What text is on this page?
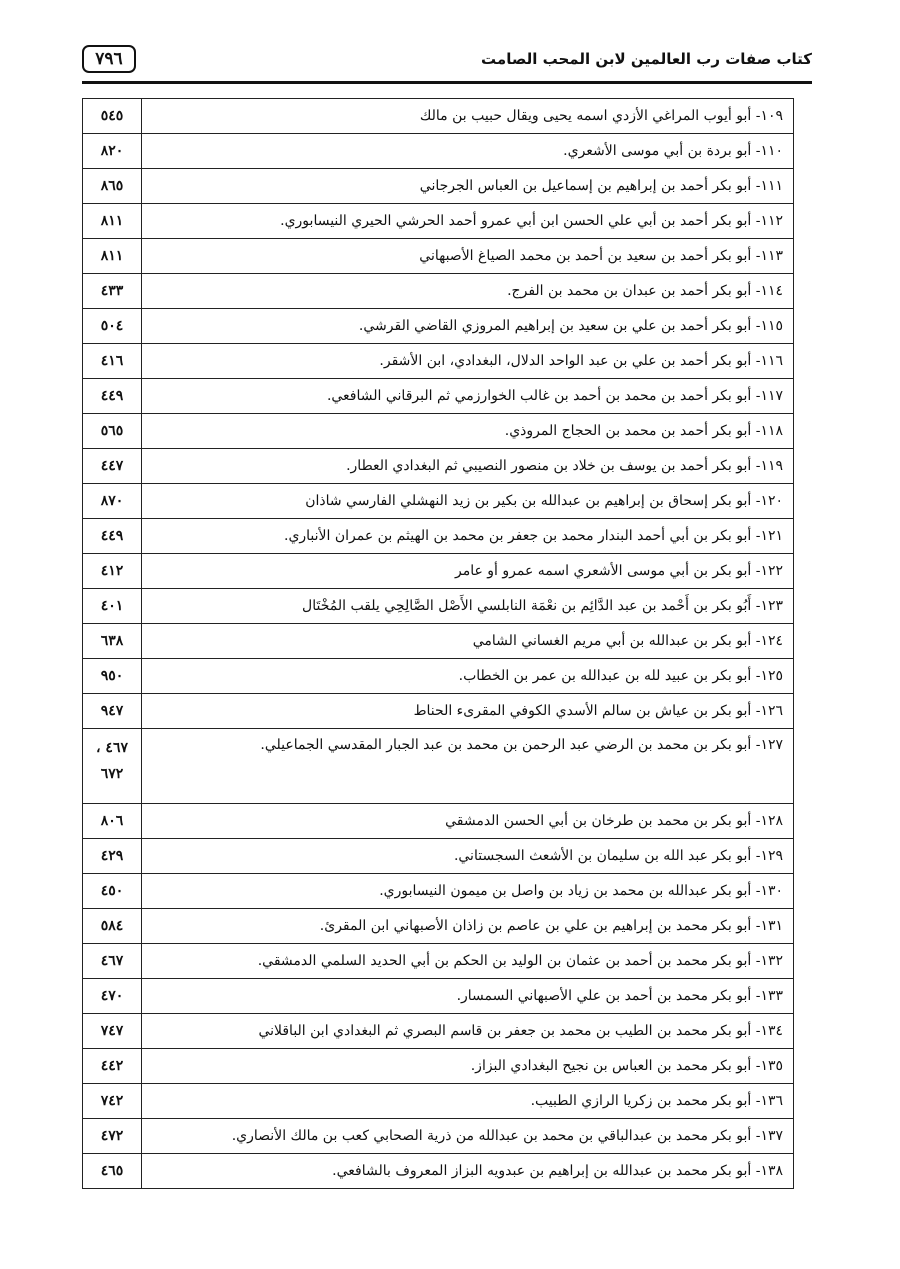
٧٩٦	كتاب صفات رب العالمين لابن المحب الصامت
١٠٩- أبو أيوب المراغي الأزدي اسمه يحيى ويقال حبيب بن مالك	٥٤٥
١١٠- أبو بردة بن أبي موسى الأشعري.	٨٢٠
١١١- أبو بكر أحمد بن إبراهيم بن إسماعيل بن العباس الجرجاني	٨٦٥
١١٢- أبو بكر أحمد بن أبي علي الحسن ابن أبي عمرو أحمد الحرشي الحيري النيسابوري.	٨١١
١١٣- أبو بكر أحمد بن سعيد بن أحمد بن محمد الصياغ الأصبهاني	٨١١
١١٤- أبو بكر أحمد بن عبدان بن محمد بن الفرج.	٤٣٣
١١٥- أبو بكر أحمد بن علي بن سعيد بن إبراهيم المروزي القاضي القرشي.	٥٠٤
١١٦- أبو بكر أحمد بن علي بن عبد الواحد الدلال، البغدادي، ابن الأشقر.	٤١٦
١١٧- أبو بكر أحمد بن محمد بن أحمد بن غالب الخوارزمي ثم البرقاني الشافعي.	٤٤٩
١١٨- أبو بكر أحمد بن محمد بن الحجاج المروذي.	٥٦٥
١١٩- أبو بكر أحمد بن يوسف بن خلاد بن منصور النصيبي ثم البغدادي العطار.	٤٤٧
١٢٠- أبو بكر إسحاق بن إبراهيم بن عبدالله بن بكير بن زيد النهشلي الفارسي شاذان	٨٧٠
١٢١- أبو بكر بن أبي أحمد البندار محمد بن جعفر بن محمد بن الهيثم بن عمران الأنباري.	٤٤٩
١٢٢- أبو بكر بن أبي موسى الأشعري اسمه عمرو أو عامر	٤١٢
١٢٣- أَبُو بكر بن أَحْمد بن عبد الدَّائِم بن نعْمَة النابلسي الأَصْل الصَّالِحِي يلقب المُخْتَال	٤٠١
١٢٤- أبو بكر بن عبدالله بن أبي مريم الغساني الشامي	٦٣٨
١٢٥- أبو بكر بن عبيد لله بن عبدالله بن عمر بن الخطاب.	٩٥٠
١٢٦- أبو بكر بن عياش بن سالم الأسدي الكوفي المقرىء الحناط	٩٤٧
١٢٧- أبو بكر بن محمد بن الرضي عبد الرحمن بن محمد بن عبد الجبار المقدسي الجماعيلي.	٤٦٧ ،
٦٧٢

١٢٨- أبو بكر بن محمد بن طرخان بن أبي الحسن الدمشقي	٨٠٦
١٢٩- أبو بكر عبد الله بن سليمان بن الأشعث السجستاني.	٤٢٩
١٣٠- أبو بكر عبدالله بن محمد بن زياد بن واصل بن ميمون النيسابوري.	٤٥٠
١٣١- أبو بكر محمد بن إبراهيم بن علي بن عاصم بن زاذان الأصبهاني ابن المقرئ.	٥٨٤
١٣٢- أبو بكر محمد بن أحمد بن عثمان بن الوليد بن الحكم بن أبي الحديد السلمي الدمشقي.	٤٦٧
١٣٣- أبو بكر محمد بن أحمد بن علي الأصبهاني السمسار.	٤٧٠
١٣٤- أبو بكر محمد بن الطيب بن محمد بن جعفر بن قاسم البصري ثم البغدادي ابن الباقلاني	٧٤٧
١٣٥- أبو بكر محمد بن العباس بن نجيح البغدادي البزاز.	٤٤٢
١٣٦- أبو بكر محمد بن زكريا الرازي الطبيب.	٧٤٢
١٣٧- أبو بكر محمد بن عبدالباقي بن محمد بن عبدالله من ذرية الصحابي كعب بن مالك الأنصاري.	٤٧٢
١٣٨- أبو بكر محمد بن عبدالله بن إبراهيم بن عبدويه البزاز المعروف بالشافعي.	٤٦٥
